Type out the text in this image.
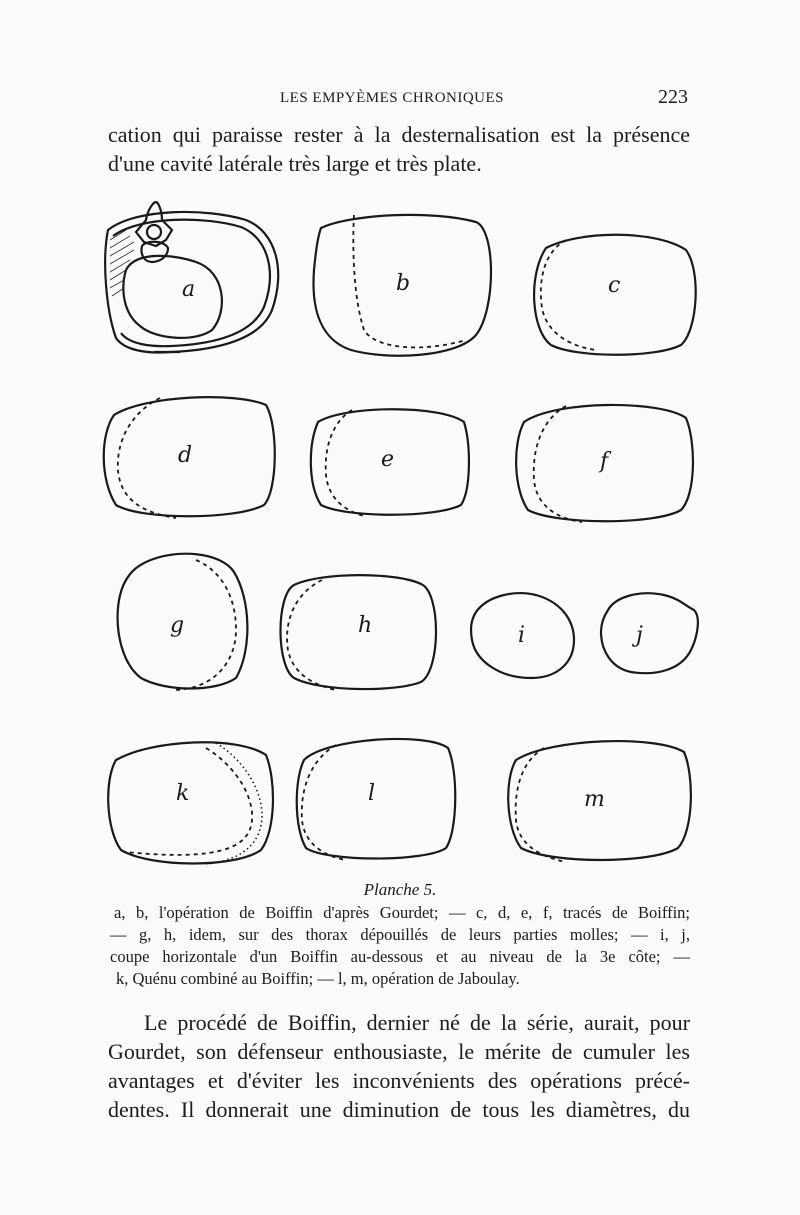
LES EMPYÈMES CHRONIQUES	223
cation qui paraisse rester à la desternalisation est la présence
d'une cavité latérale très large et très plate.
a	b	c
d	e	f
g	h	i	j
k	l	m
Planche 5.
a, b, l'opération de Boiffin d'après Gourdet; — c, d, e, f, tracés de Boiffin;
— g, h, idem, sur des thorax dépouillés de leurs parties molles; — i, j,
coupe horizontale d'un Boiffin au-dessous et au niveau de la 3e côte; —
k, Quénu combiné au Boiffin; — l, m, opération de Jaboulay.
Le procédé de Boiffin, dernier né de la série, aurait, pour
Gourdet, son défenseur enthousiaste, le mérite de cumuler les
avantages et d'éviter les inconvénients des opérations précé-
dentes. Il donnerait une diminution de tous les diamètres, du
